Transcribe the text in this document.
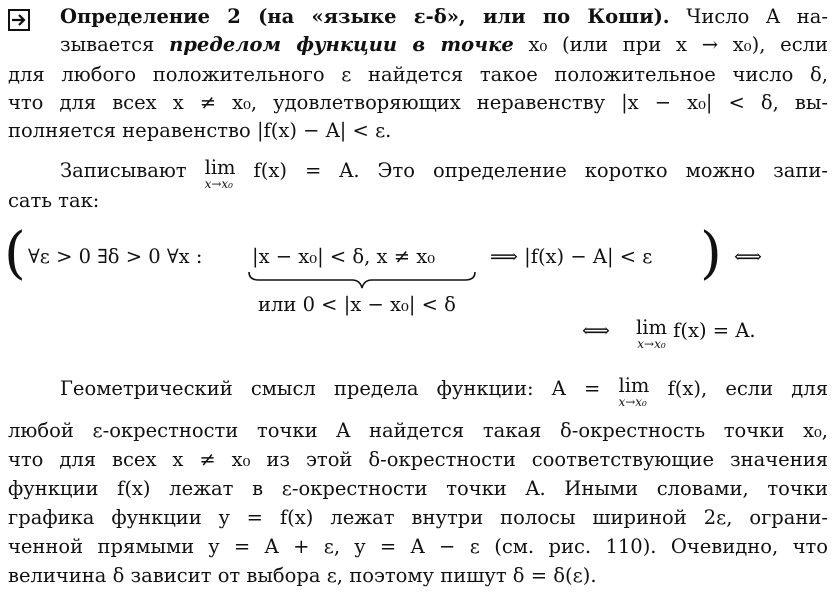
Определение 2 (на «языке ε-δ», или по Коши). Число A на-
зывается пределом функции в точке x₀ (или при x → x₀), если
для любого положительного ε найдется такое положительное число δ,
что для всех x ≠ x₀, удовлетворяющих неравенству |x − x₀| < δ, вы-
полняется неравенство |f(x) − A| < ε.
Записывают lim
x→x₀
f(x) = A. Это определение коротко можно запи-
сать так:
( ∀ε > 0 ∃δ > 0 ∀x :	|x − x₀| < δ, x ≠ x₀	⟹ |f(x) − A| < ε ) ⟺
или 0 < |x − x₀| < δ
⟺	lim
x→x₀
f(x) = A.
Геометрический смысл предела функции: A = lim
x→x₀
f(x), если для
любой ε-окрестности точки A найдется такая δ-окрестность точки x₀,
что для всех x ≠ x₀ из этой δ-окрестности соответствующие значения
функции f(x) лежат в ε-окрестности точки A. Иными словами, точки
графика функции y = f(x) лежат внутри полосы шириной 2ε, ограни-
ченной прямыми y = A + ε, y = A − ε (см. рис. 110). Очевидно, что
величина δ зависит от выбора ε, поэтому пишут δ = δ(ε).
